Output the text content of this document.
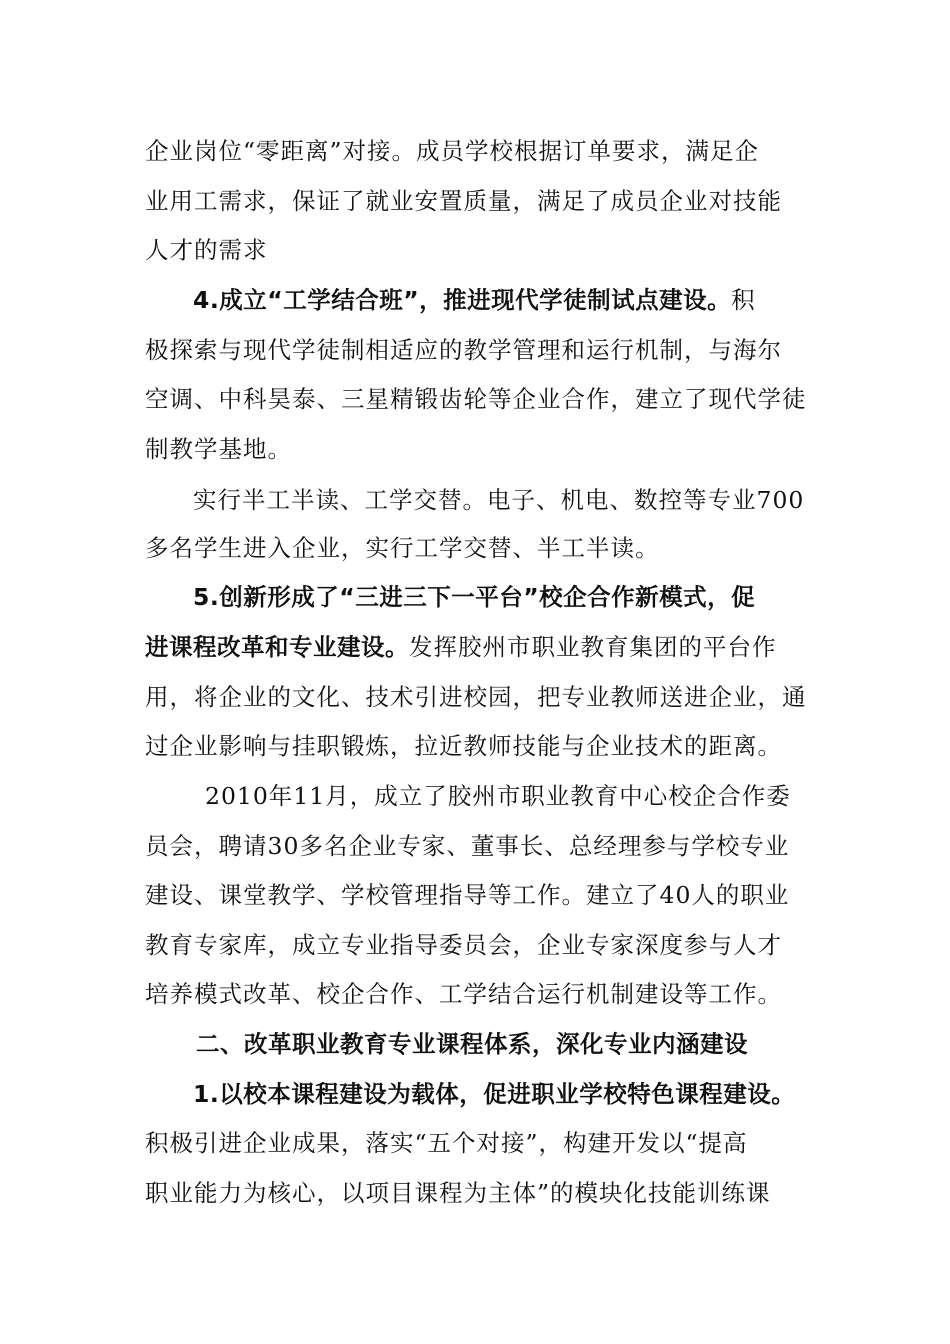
企业岗位“零距离”对接。成员学校根据订单要求，满足企
业用工需求，保证了就业安置质量，满足了成员企业对技能
人才的需求
4.成立“工学结合班”，推进现代学徒制试点建设。积
极探索与现代学徒制相适应的教学管理和运行机制，与海尔
空调、中科昊泰、三星精锻齿轮等企业合作，建立了现代学徒
制教学基地。
实行半工半读、工学交替。电子、机电、数控等专业700
多名学生进入企业，实行工学交替、半工半读。
5.创新形成了“三进三下一平台”校企合作新模式，促
进课程改革和专业建设。发挥胶州市职业教育集团的平台作
用，将企业的文化、技术引进校园，把专业教师送进企业，通
过企业影响与挂职锻炼，拉近教师技能与企业技术的距离。
2010年11月，成立了胶州市职业教育中心校企合作委
员会，聘请30多名企业专家、董事长、总经理参与学校专业
建设、课堂教学、学校管理指导等工作。建立了40人的职业
教育专家库，成立专业指导委员会，企业专家深度参与人才
培养模式改革、校企合作、工学结合运行机制建设等工作。
二、改革职业教育专业课程体系，深化专业内涵建设
1.以校本课程建设为载体，促进职业学校特色课程建设。
积极引进企业成果，落实“五个对接”，构建开发以“提高
职业能力为核心，以项目课程为主体”的模块化技能训练课
